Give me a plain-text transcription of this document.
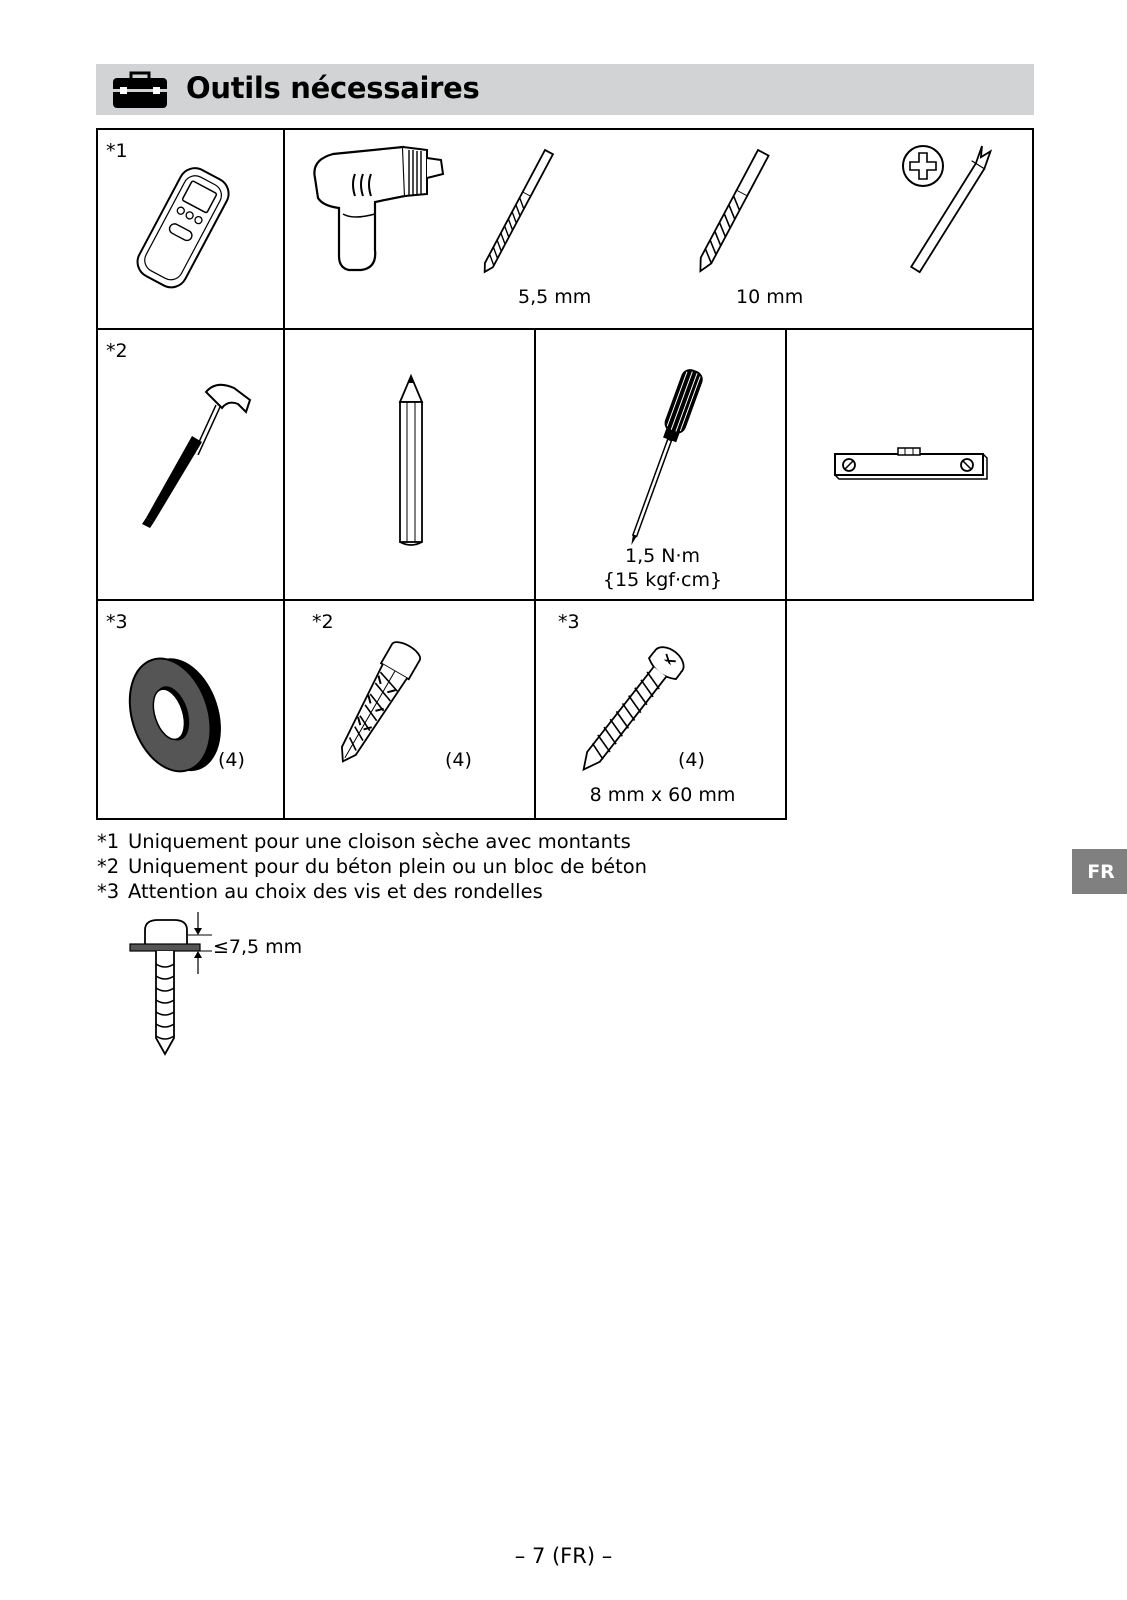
Outils nécessaires
*1
5,5 mm	10 mm
*2
1,5 N·m
{15 kgf·cm}
*3
(4)
*2
(4)
*3
(4)
8 mm x 60 mm
*1 Uniquement pour une cloison sèche avec montants
*2 Uniquement pour du béton plein ou un bloc de béton
*3 Attention au choix des vis et des rondelles
≤7,5 mm
FR
– 7 (FR) –
